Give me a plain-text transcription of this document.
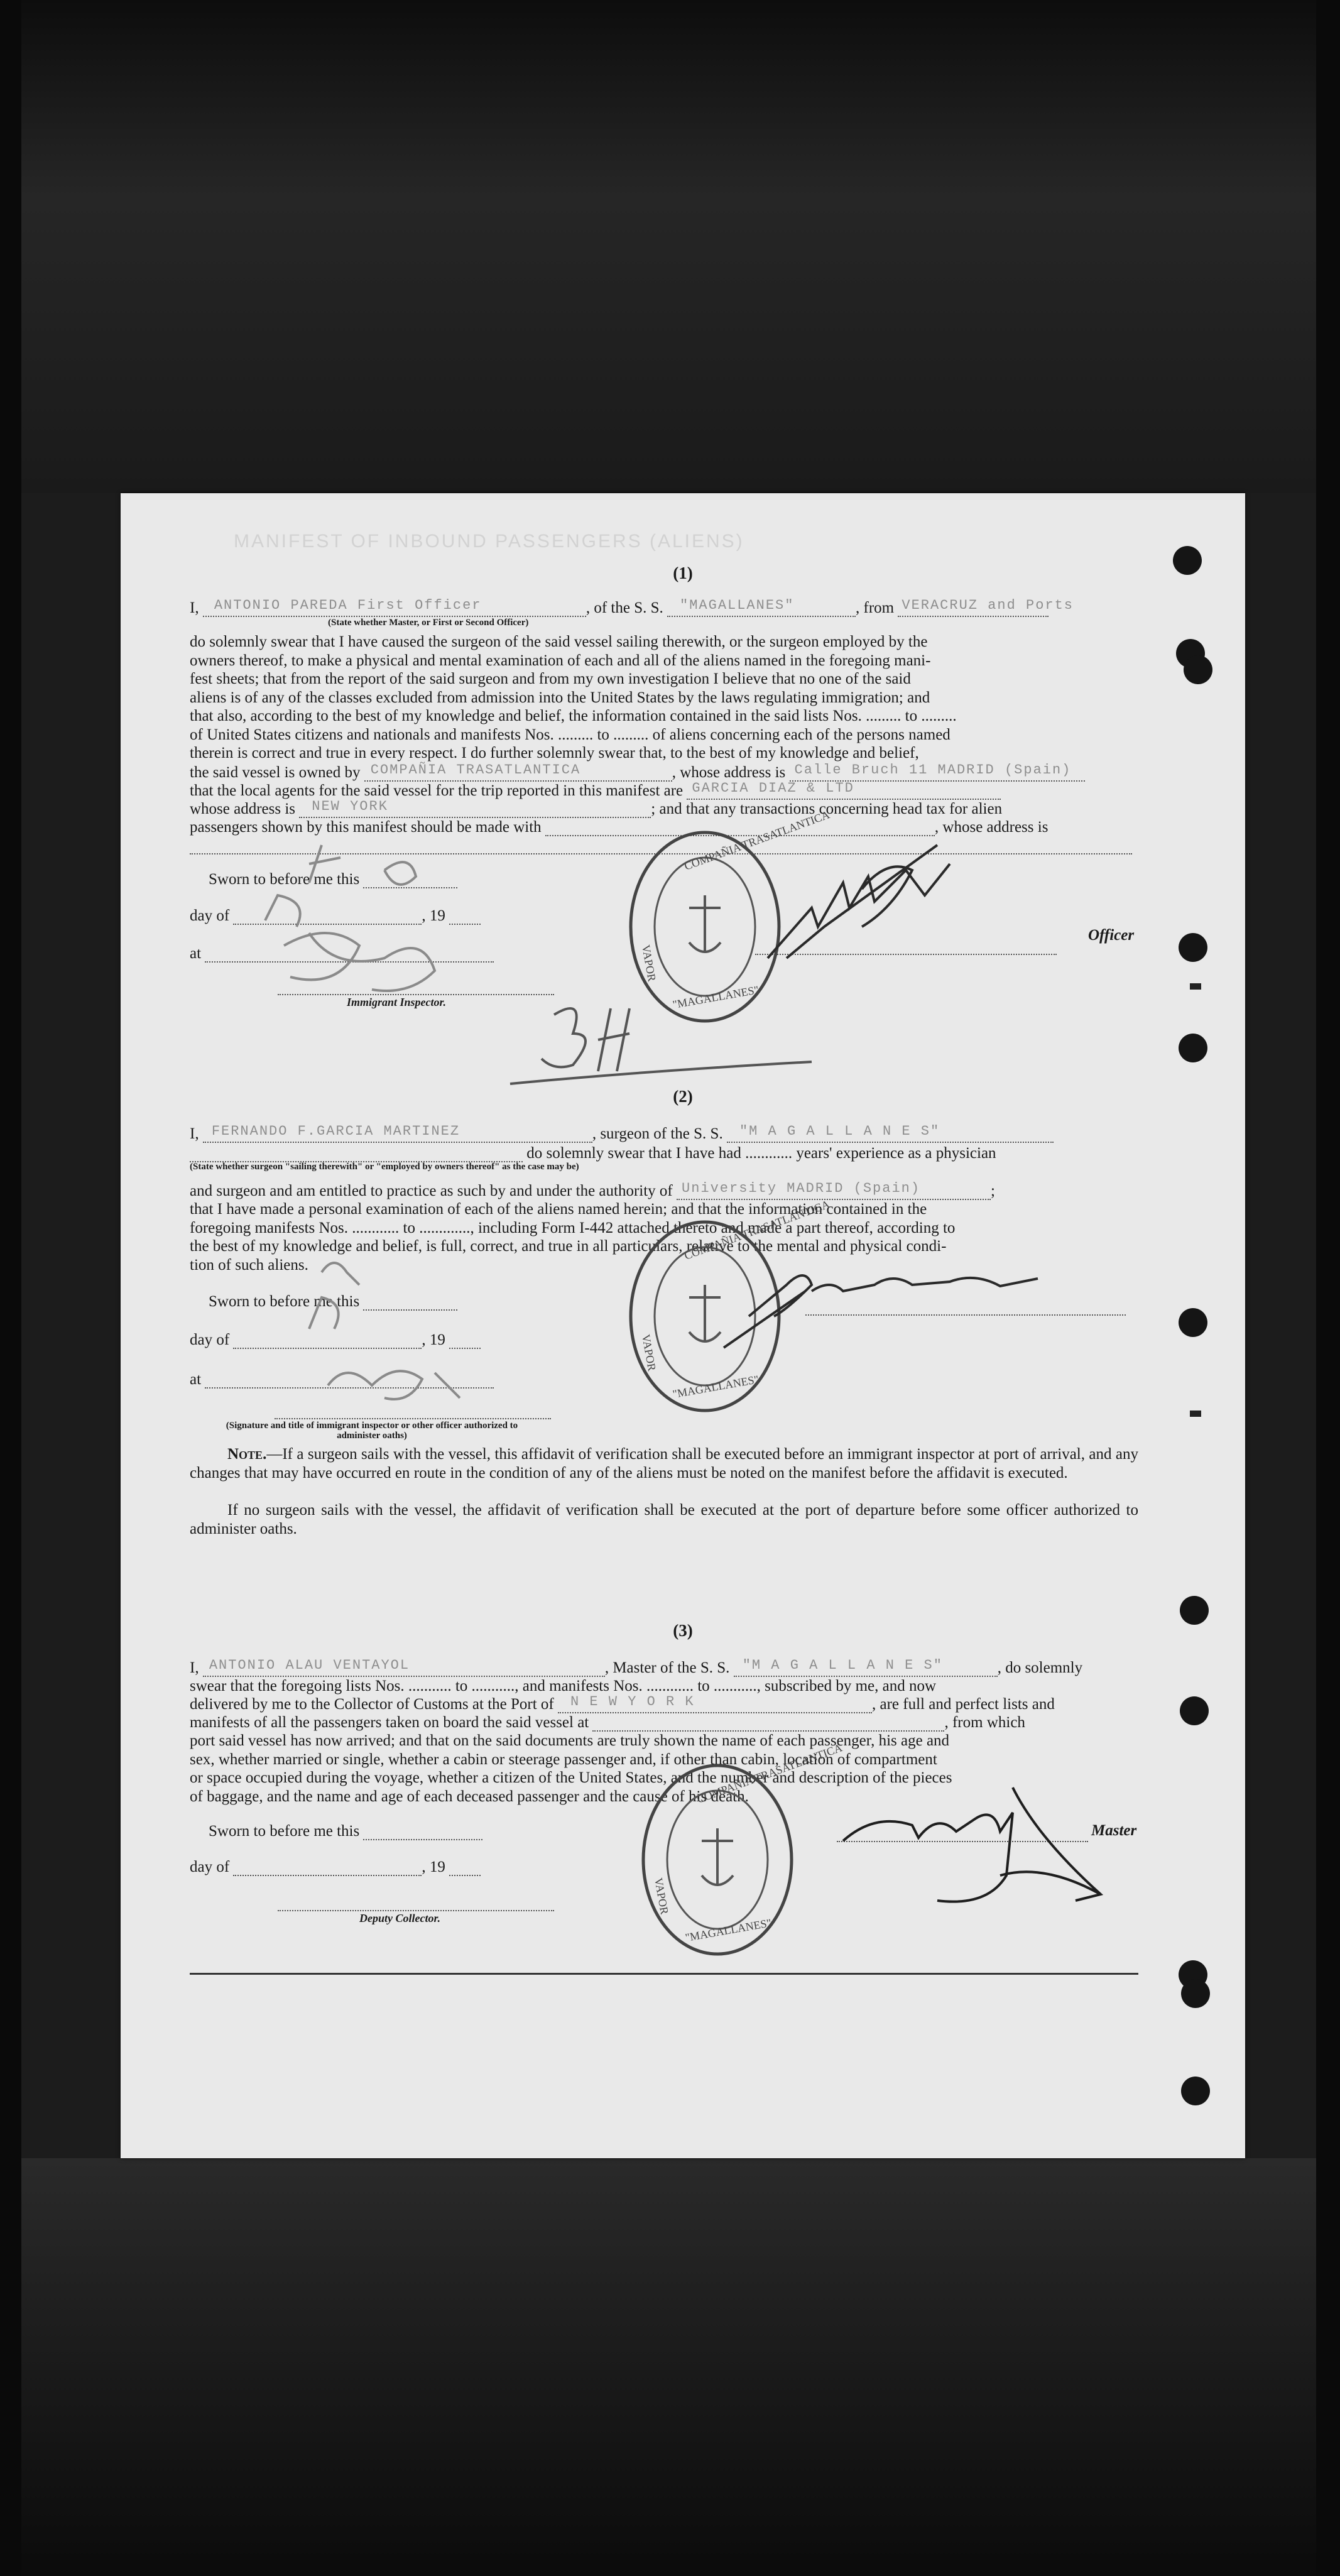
MANIFEST OF INBOUND PASSENGERS (ALIENS)
(1)
I, ANTONIO PAREDA First Officer	, of the S. S. "MAGALLANES"	, from VERACRUZ and Ports
(State whether Master, or First or Second Officer)
do solemnly swear that I have caused the surgeon of the said vessel sailing therewith, or the surgeon employed by the
owners thereof, to make a physical and mental examination of each and all of the aliens named in the foregoing mani-
fest sheets; that from the report of the said surgeon and from my own investigation I believe that no one of the said
aliens is of any of the classes excluded from admission into the United States by the laws regulating immigration; and
that also, according to the best of my knowledge and belief, the information contained in the said lists Nos. ......... to .........
of United States citizens and nationals and manifests Nos. ......... to ......... of aliens concerning each of the persons named
therein is correct and true in every respect. I do further solemnly swear that, to the best of my knowledge and belief,
the said vessel is owned by COMPAÑIA TRASATLANTICA	, whose address is Calle Bruch 11 MADRID (Spain)
that the local agents for the said vessel for the trip reported in this manifest are GARCIA DIAZ & LTD
whose address is NEW YORK	; and that any transactions concerning head tax for alien
passengers shown by this manifest should be made with	, whose address is
Sworn to before me this
day of	, 19
at
Immigrant Inspector.
Officer
(2)
I, FERNANDO F.GARCIA MARTINEZ	, surgeon of the S. S. "M A G A L L A N E S"
do solemnly swear that I have had ............ years' experience as a physician
(State whether surgeon "sailing therewith" or "employed by owners thereof" as the case may be)
and surgeon and am entitled to practice as such by and under the authority of University MADRID (Spain)	;
that I have made a personal examination of each of the aliens named herein; and that the information contained in the
foregoing manifests Nos. ............ to ............., including Form I-442 attached thereto and made a part thereof, according to
the best of my knowledge and belief, is full, correct, and true in all particulars, relative to the mental and physical condi-
tion of such aliens.
Sworn to before me this
day of	, 19
at
(Signature and title of immigrant inspector or other officer authorized to administer oaths)
Note.—If a surgeon sails with the vessel, this affidavit of verification shall be executed before an immigrant inspector at port of arrival, and any changes that may have occurred en route in the condition of any of the aliens must be noted on the manifest before the affidavit is executed.
If no surgeon sails with the vessel, the affidavit of verification shall be executed at the port of departure before some officer authorized to administer oaths.
(3)
I, ANTONIO ALAU VENTAYOL	, Master of the S. S. "M A G A L L A N E S"	, do solemnly
swear that the foregoing lists Nos. ........... to ..........., and manifests Nos. ............ to ..........., subscribed by me, and now
delivered by me to the Collector of Customs at the Port of N E W Y O R K	, are full and perfect lists and
manifests of all the passengers taken on board the said vessel at	, from which
port said vessel has now arrived; and that on the said documents are truly shown the name of each passenger, his age and
sex, whether married or single, whether a cabin or steerage passenger and, if other than cabin, location of compartment
or space occupied during the voyage, whether a citizen of the United States, and the number and description of the pieces
of baggage, and the name and age of each deceased passenger and the cause of his death.
Sworn to before me this	Master
day of	, 19
Deputy Collector.
COMPAÑIA TRASATLANTICA
VAPOR
"MAGALLANES"
COMPAÑIA TRASATLANTICA
VAPOR
"MAGALLANES"
COMPAÑIA TRASATLANTICA
VAPOR
"MAGALLANES"
